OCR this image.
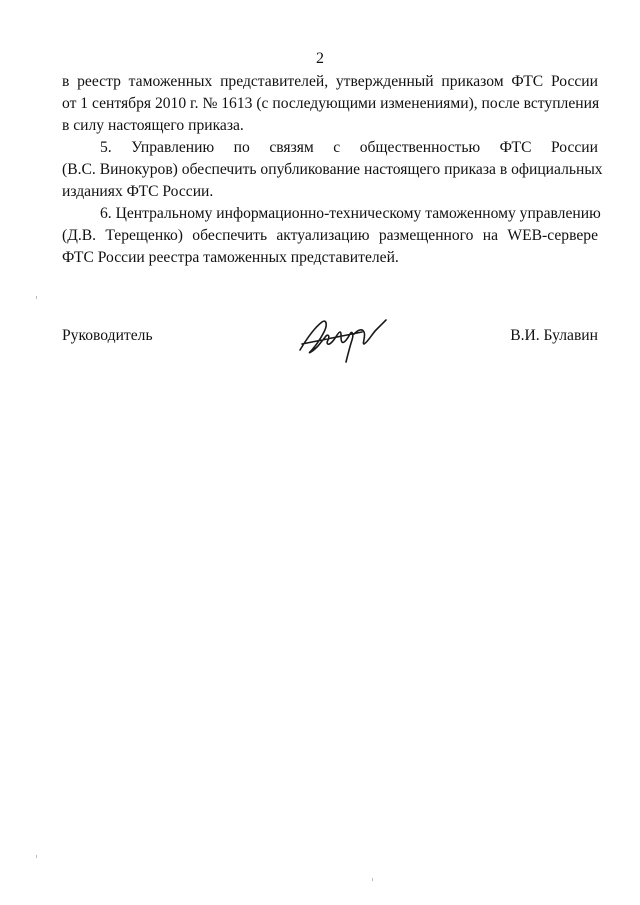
2
в реестр таможенных представителей, утвержденный приказом ФТС России
от 1 сентября 2010 г. № 1613 (с последующими изменениями), после вступления
в силу настоящего приказа.
5. Управлению по связям с общественностью ФТС России
(В.С. Винокуров) обеспечить опубликование настоящего приказа в официальных
изданиях ФТС России.
6. Центральному информационно-техническому таможенному управлению
(Д.В. Терещенко) обеспечить актуализацию размещенного на WEB-сервере
ФТС России реестра таможенных представителей.
Руководитель	В.И. Булавин
